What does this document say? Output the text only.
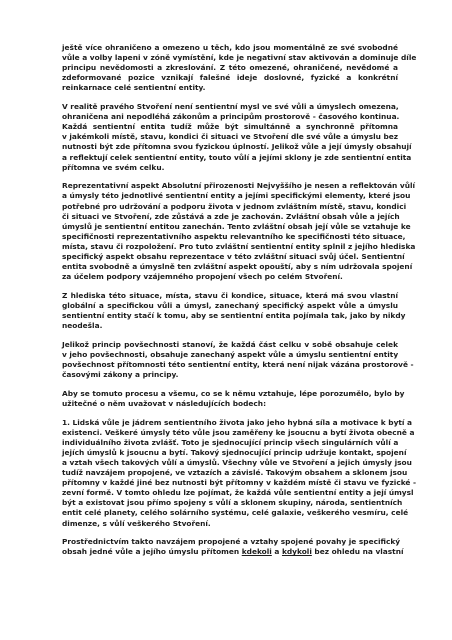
ještě více ohraničeno a omezeno u těch, kdo jsou momentálně ze své svobodné
vůle a volby lapeni v zóně vymístění, kde je negativní stav aktivován a dominuje díle
principu nevědomosti a zkreslování. Z této omezené, ohraničené, nevědomé a
zdeformované pozice vznikají falešné ideje doslovné, fyzické a konkrétní
reinkarnace celé sentientní entity.
V realitě pravého Stvoření není sentientní mysl ve své vůli a úmyslech omezena,
ohraničena ani nepodléhá zákonům a principům prostorově - časového kontinua.
Každá sentientní entita tudíž může být simultánně a synchronně přítomna
v jakémkoli místě, stavu, kondici či situaci ve Stvoření dle své vůle a úmyslu bez
nutnosti být zde přítomna svou fyzickou úplností. Jelikož vůle a její úmysly obsahují
a reflektují celek sentientní entity, touto vůlí a jejími sklony je zde sentientní entita
přítomna ve svém celku.
Reprezentativní aspekt Absolutní přirozenosti Nejvyššího je nesen a reflektován vůlí
a úmysly této jednotlivé sentientní entity a jejími specifickými elementy, které jsou
potřebné pro udržování a podporu života v jednom zvláštním místě, stavu, kondici
či situaci ve Stvoření, zde zůstává a zde je zachován. Zvláštní obsah vůle a jejích
úmyslů je sentientní entitou zanechán. Tento zvláštní obsah její vůle se vztahuje ke
specifičnosti reprezentativního aspektu relevantního ke specifičnosti této situace,
místa, stavu či rozpoložení. Pro tuto zvláštní sentientní entity splnil z jejího hlediska
specifický aspekt obsahu reprezentace v této zvláštní situaci svůj účel. Sentientní
entita svobodně a úmyslně ten zvláštní aspekt opouští, aby s ním udržovala spojení
za účelem podpory vzájemného propojení všech po celém Stvoření.
Z hlediska této situace, místa, stavu či kondice, situace, která má svou vlastní
globální a specifickou vůli a úmysl, zanechaný specifický aspekt vůle a úmyslu
sentientní entity stačí k tomu, aby se sentientní entita pojímala tak, jako by nikdy
neodešla.
Jelikož princip povšechnosti stanoví, že každá část celku v sobě obsahuje celek
v jeho povšechnosti, obsahuje zanechaný aspekt vůle a úmyslu sentientní entity
povšechnost přítomnosti této sentientní entity, která není nijak vázána prostorově -
časovými zákony a principy.
Aby se tomuto procesu a všemu, co se k němu vztahuje, lépe porozumělo, bylo by
užitečné o něm uvažovat v následujících bodech:
1. Lidská vůle je jádrem sentientního života jako jeho hybná síla a motivace k bytí a
existenci. Veškeré úmysly této vůle jsou zaměřeny ke jsoucnu a bytí života obecně a
individuálního života zvlášť. Toto je sjednocující princip všech singulárních vůlí a
jejích úmyslů k jsoucnu a bytí. Takový sjednocující princip udržuje kontakt, spojení
a vztah všech takových vůlí a úmyslů. Všechny vůle ve Stvoření a jejich úmysly jsou
tudíž navzájem propojené, ve vztazích a závislé. Takovým obsahem a sklonem jsou
přítomny v každé jiné bez nutnosti být přítomny v každém místě či stavu ve fyzické -
zevní formě. V tomto ohledu lze pojímat, že každá vůle sentientní entity a její úmysl
být a existovat jsou přímo spojeny s vůlí a sklonem skupiny, národa, sentientních
entit celé planety, celého solárního systému, celé galaxie, veškerého vesmíru, celé
dimenze, s vůlí veškerého Stvoření.
Prostřednictvím takto navzájem propojené a vztahy spojené povahy je specifický
obsah jedné vůle a jejího úmyslu přítomen kdekoli a kdykoli bez ohledu na vlastní
